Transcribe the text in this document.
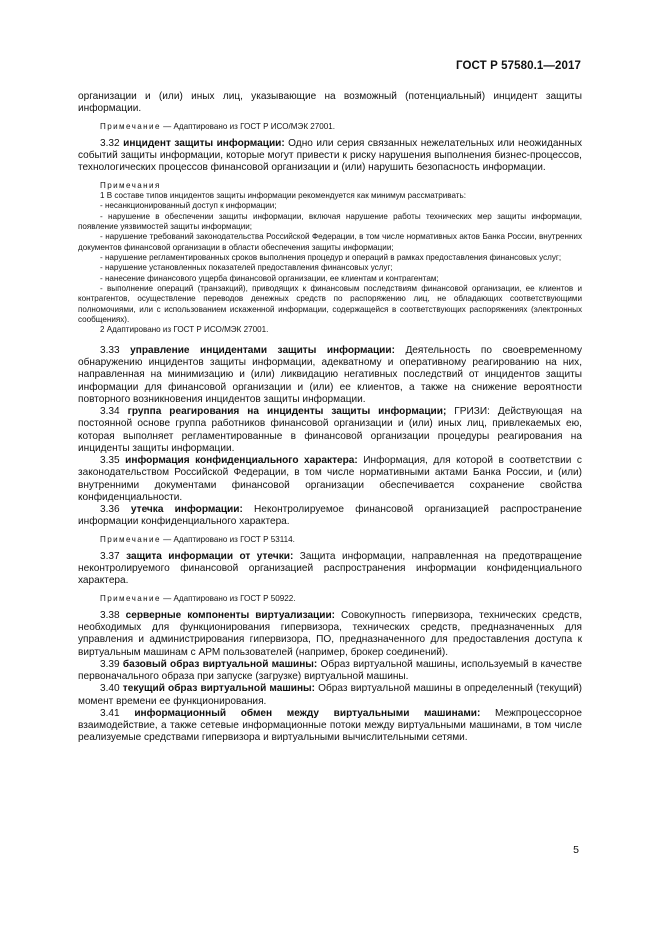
ГОСТ Р 57580.1—2017

организации и (или) иных лиц, указывающие на возможный (потенциальный) инцидент защиты информации.

Примечание — Адаптировано из ГОСТ Р ИСО/МЭК 27001.

3.32 инцидент защиты информации: Одно или серия связанных нежелательных или неожиданных событий защиты информации, которые могут привести к риску нарушения выполнения бизнес-процессов, технологических процессов финансовой организации и (или) нарушить безопасность информации.

Примечания

1 В составе типов инцидентов защиты информации рекомендуется как минимум рассматривать:

- несанкционированный доступ к информации;

- нарушение в обеспечении защиты информации, включая нарушение работы технических мер защиты информации, появление уязвимостей защиты информации;

- нарушение требований законодательства Российской Федерации, в том числе нормативных актов Банка России, внутренних документов финансовой организации в области обеспечения защиты информации;

- нарушение регламентированных сроков выполнения процедур и операций в рамках предоставления финансовых услуг;

- нарушение установленных показателей предоставления финансовых услуг;

- нанесение финансового ущерба финансовой организации, ее клиентам и контрагентам;

- выполнение операций (транзакций), приводящих к финансовым последствиям финансовой организации, ее клиентов и контрагентов, осуществление переводов денежных средств по распоряжению лиц, не обладающих соответствующими полномочиями, или с использованием искаженной информации, содержащейся в соответствующих распоряжениях (электронных сообщениях).

2 Адаптировано из ГОСТ Р ИСО/МЭК 27001.

3.33 управление инцидентами защиты информации: Деятельность по своевременному обнаружению инцидентов защиты информации, адекватному и оперативному реагированию на них, направленная на минимизацию и (или) ликвидацию негативных последствий от инцидентов защиты информации для финансовой организации и (или) ее клиентов, а также на снижение вероятности повторного возникновения инцидентов защиты информации.

3.34 группа реагирования на инциденты защиты информации; ГРИЗИ: Действующая на постоянной основе группа работников финансовой организации и (или) иных лиц, привлекаемых ею, которая выполняет регламентированные в финансовой организации процедуры реагирования на инциденты защиты информации.

3.35 информация конфиденциального характера: Информация, для которой в соответствии с законодательством Российской Федерации, в том числе нормативными актами Банка России, и (или) внутренними документами финансовой организации обеспечивается сохранение свойства конфиденциальности.

3.36 утечка информации: Неконтролируемое финансовой организацией распространение информации конфиденциального характера.

Примечание — Адаптировано из ГОСТ Р 53114.

3.37 защита информации от утечки: Защита информации, направленная на предотвращение неконтролируемого финансовой организацией распространения информации конфиденциального характера.

Примечание — Адаптировано из ГОСТ Р 50922.

3.38 серверные компоненты виртуализации: Совокупность гипервизора, технических средств, необходимых для функционирования гипервизора, технических средств, предназначенных для управления и администрирования гипервизора, ПО, предназначенного для предоставления доступа к виртуальным машинам с АРМ пользователей (например, брокер соединений).

3.39 базовый образ виртуальной машины: Образ виртуальной машины, используемый в качестве первоначального образа при запуске (загрузке) виртуальной машины.

3.40 текущий образ виртуальной машины: Образ виртуальной машины в определенный (текущий) момент времени ее функционирования.

3.41 информационный обмен между виртуальными машинами: Межпроцессорное взаимодействие, а также сетевые информационные потоки между виртуальными машинами, в том числе реализуемые средствами гипервизора и виртуальными вычислительными сетями.

5
